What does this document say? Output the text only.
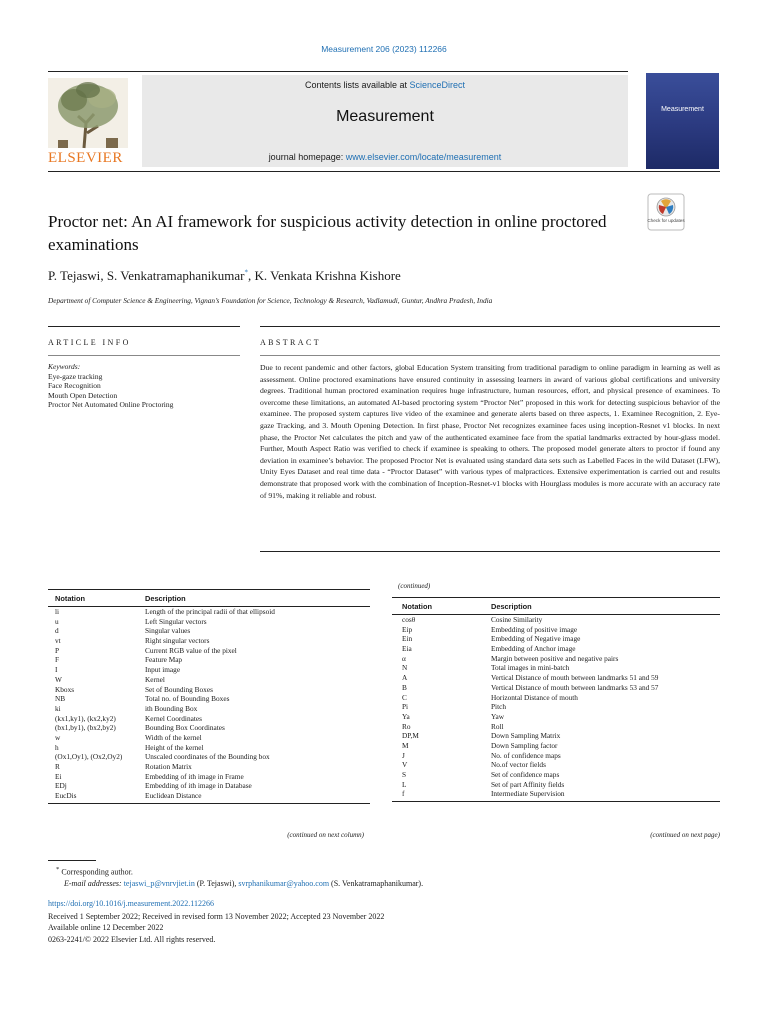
Measurement 206 (2023) 112266
ELSEVIER
Contents lists available at ScienceDirect
Measurement
journal homepage: www.elsevier.com/locate/measurement
Measurement
Check for updates
Proctor net: An AI framework for suspicious activity detection in online proctored examinations
P. Tejaswi, S. Venkatramaphanikumar*, K. Venkata Krishna Kishore
Department of Computer Science & Engineering, Vignan’s Foundation for Science, Technology & Research, Vadlamudi, Guntur, Andhra Pradesh, India
ARTICLE INFO	ABSTRACT
Keywords:
Eye-gaze tracking
Face Recognition
Mouth Open Detection
Proctor Net Automated Online Proctoring
Due to recent pandemic and other factors, global Education System transiting from traditional paradigm to online paradigm in learning as well as assessment. Online proctored examinations have ensured continuity in assessing learners in award of various global certifications and university degrees. Traditional human proctored examination requires huge infrastructure, human resources, effort, and physical presence of examinees. To overcome these limitations, an automated AI-based proctoring system “Proctor Net” proposed in this work for detecting suspicious behavior of the examinee. The proposed system captures live video of the examinee and generate alerts based on three aspects, 1. Examinee Recognition, 2. Eye-gaze Tracking, and 3. Mouth Opening Detection. In first phase, Proctor Net recognizes examinee faces using inception-Resnet v1 blocks. In next phase, the Proctor Net calculates the pitch and yaw of the authenticated examinee face from the spatial landmarks extracted by hour-glass model. Further, Mouth Aspect Ratio was verified to check if examinee is speaking to others. The proposed model generate alters to proctor if found any deviation in examinee’s behavior. The proposed Proctor Net is evaluated using standard data sets such as Labelled Faces in the wild Dataset (LFW), Unity Eyes Dataset and real time data - “Proctor Dataset” with various types of malpractices. Extensive experimentation is carried out and results demonstrate that proposed work with the combination of Inception-Resnet-v1 blocks with Hourglass modules is more accurate with an accuracy rate of 91%, making it reliable and robust.
Notation	Description
li	Length of the principal radii of that ellipsoid
u	Left Singular vectors
d	Singular values
vt	Right singular vectors
P	Current RGB value of the pixel
F	Feature Map
I	Input image
W	Kernel
Kboxs	Set of Bounding Boxes
NB	Total no. of Bounding Boxes
ki	ith Bounding Box
(kx1,ky1), (kx2,ky2)	Kernel Coordinates
(bx1,by1), (bx2,by2)	Bounding Box Coordinates
w	Width of the kernel
h	Height of the kernel
(Ox1,Oy1), (Ox2,Oy2)	Unscaled coordinates of the Bounding box
R	Rotation Matrix
Ei	Embedding of ith image in Frame
EDj	Embedding of ith image in Database
EucDis	Euclidean Distance
(continued on next column)
(continued)
Notation	Description
cosθ	Cosine Similarity
Eip	Embedding of positive image
Ein	Embedding of Negative image
Eia	Embedding of Anchor image
α	Margin between positive and negative pairs
N	Total images in mini-batch
A	Vertical Distance of mouth between landmarks 51 and 59
B	Vertical Distance of mouth between landmarks 53 and 57
C	Horizontal Distance of mouth
Pi	Pitch
Ya	Yaw
Ro	Roll
DP,M	Down Sampling Matrix
M	Down Sampling factor
J	No. of confidence maps
V	No.of vector fields
S	Set of confidence maps
L	Set of part Affinity fields
f	Intermediate Supervision
(continued on next page)
* Corresponding author.
E-mail addresses: tejaswi_p@vnrvjiet.in (P. Tejaswi), svrphanikumar@yahoo.com (S. Venkatramaphanikumar).
https://doi.org/10.1016/j.measurement.2022.112266
Received 1 September 2022; Received in revised form 13 November 2022; Accepted 23 November 2022
Available online 12 December 2022
0263-2241/© 2022 Elsevier Ltd. All rights reserved.
